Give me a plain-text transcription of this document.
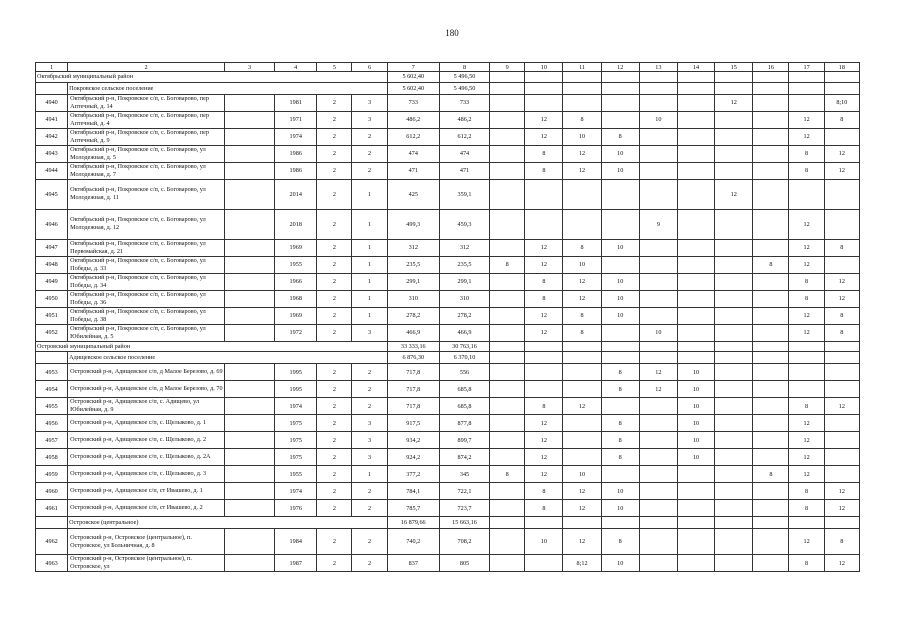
180
1	2	3	4	5	6	7	8	9	10	11	12	13	14	15	16	17	18
Октябрьский муниципальный район						5 602,40	5 496,50										
	Покровское сельское поселение					5 602,40	5 496,50										
4940	Октябрьский р-н, Покровское с/п, с. Боговарово, пер Аптечный, д. 14		1981	2	3	733	733							12			8;10
4941	Октябрьский р-н, Покровское с/п, с. Боговарово, пер Аптечный, д. 4		1971	2	3	486,2	486,2		12	8		10				12	8
4942	Октябрьский р-н, Покровское с/п, с. Боговарово, пер Аптечный, д. 9		1974	2	2	612,2	612,2		12	10	8					12	
4943	Октябрьский р-н, Покровское с/п, с. Боговарово, ул Молодежная, д. 5		1986	2	2	474	474		8	12	10					8	12
4944	Октябрьский р-н, Покровское с/п, с. Боговарово, ул Молодежная, д. 7		1986	2	2	471	471		8	12	10					8	12
4945	Октябрьский р-н, Покровское с/п, с. Боговарово, ул Молодежная, д. 11		2014	2	1	425	359,1							12			
4946	Октябрьский р-н, Покровское с/п, с. Боговарово, ул Молодежная, д. 12		2018	2	1	499,3	459,3					9				12	
4947	Октябрьский р-н, Покровское с/п, с. Боговарово, ул Первомайская, д. 21		1969	2	1	312	312		12	8	10					12	8
4948	Октябрьский р-н, Покровское с/п, с. Боговарово, ул Победы, д. 33		1955	2	1	235,5	235,5	8	12	10					8	12	
4949	Октябрьский р-н, Покровское с/п, с. Боговарово, ул Победы, д. 34		1966	2	1	299,1	299,1		8	12	10					8	12
4950	Октябрьский р-н, Покровское с/п, с. Боговарово, ул Победы, д. 36		1968	2	1	310	310		8	12	10					8	12
4951	Октябрьский р-н, Покровское с/п, с. Боговарово, ул Победы, д. 38		1969	2	1	278,2	278,2		12	8	10					12	8
4952	Октябрьский р-н, Покровское с/п, с. Боговарово, ул Юбилейная, д. 5		1972	2	3	466,9	466,9		12	8		10				12	8
Островский муниципальный район						33 333,16	30 763,16										
	Адищевское сельское поселение					6 876,30	6 370,10										
4953	Островский р-н, Адищевское с/п, д Малое Березово, д. 69		1995	2	2	717,8	556				8	12	10				
4954	Островский р-н, Адищевское с/п, д Малое Березово, д. 70		1995	2	2	717,8	685,8				8	12	10				
4955	Островский р-н, Адищевское с/п, с. Адищево, ул Юбилейная, д. 9		1974	2	2	717,8	685,8		8	12			10			8	12
4956	Островский р-н, Адищевское с/п, с. Щелыково, д. 1		1975	2	3	917,5	877,8		12		8		10			12	
4957	Островский р-н, Адищевское с/п, с. Щелыково, д. 2		1975	2	3	934,2	899,7		12		8		10			12	
4958	Островский р-н, Адищевское с/п, с. Щелыково, д. 2А		1975	2	3	924,2	874,2		12		8		10			12	
4959	Островский р-н, Адищевское с/п, с. Щелыково, д. 3		1955	2	1	377,2	345	8	12	10					8	12	
4960	Островский р-н, Адищевское с/п, ст Ивашево, д. 1		1974	2	2	784,1	722,1		8	12	10					8	12
4961	Островский р-н, Адищевское с/п, ст Ивашево, д. 2		1976	2	2	785,7	723,7		8	12	10					8	12
	Островское (центральное)					16 879,66	15 663,16										
4962	Островский р-н, Островское (центральное), п. Островское, ул Больничная, д. 8		1984	2	2	740,2	708,2		10	12	8					12	8
4963	Островский р-н, Островское (центральное), п. Островское, ул		1987	2	2	837	805			8;12	10					8	12
